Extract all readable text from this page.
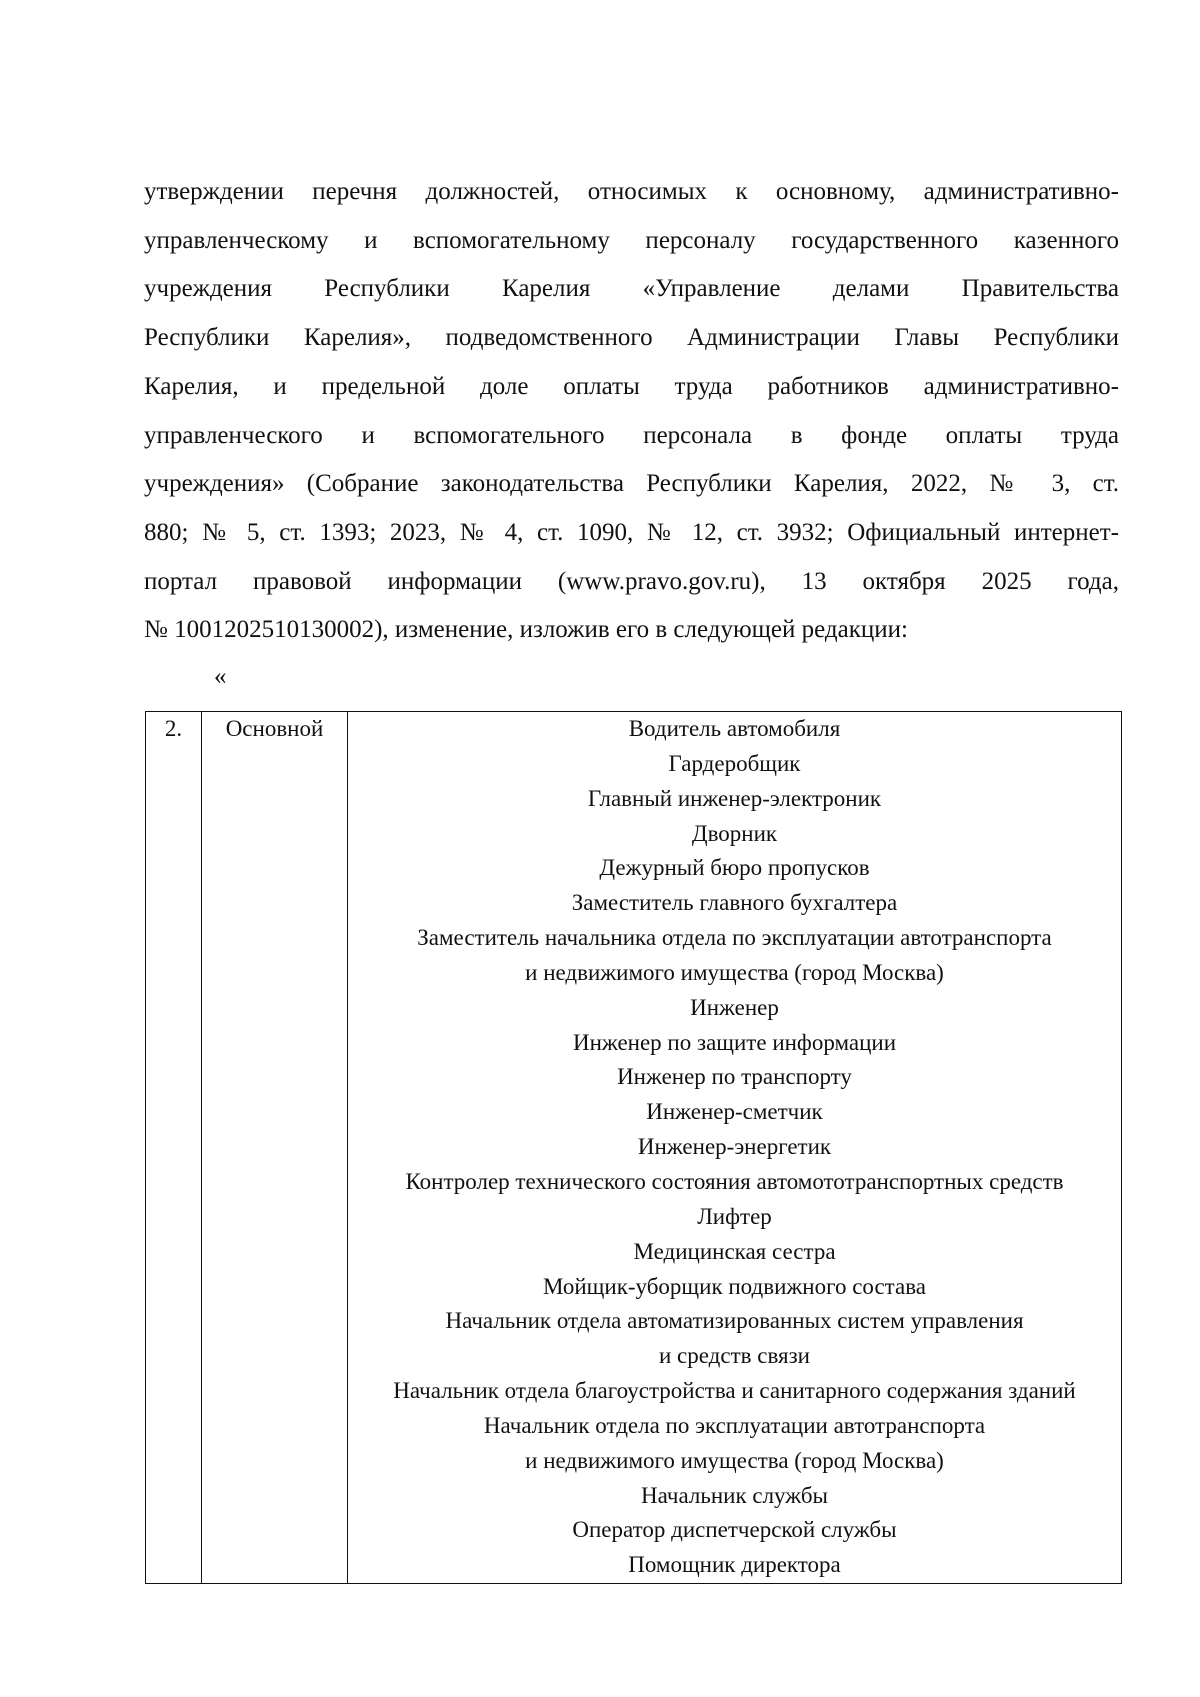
утверждении перечня должностей, относимых к основному, административно-
управленческому и вспомогательному персоналу государственного казенного
учреждения Республики Карелия «Управление делами Правительства
Республики Карелия», подведомственного Администрации Главы Республики
Карелия, и предельной доле оплаты труда работников административно-
управленческого и вспомогательного персонала в фонде оплаты труда
учреждения» (Собрание законодательства Республики Карелия, 2022, № 3, ст.
880; № 5, ст. 1393; 2023, № 4, ст. 1090, № 12, ст. 3932; Официальный интернет-
портал правовой информации (www.pravo.gov.ru), 13 октября 2025 года,
№ 1001202510130002), изменение, изложив его в следующей редакции:
«
2.	Основной	Водитель автомобиля
Гардеробщик
Главный инженер-электроник
Дворник
Дежурный бюро пропусков
Заместитель главного бухгалтера
Заместитель начальника отдела по эксплуатации автотранспорта
и недвижимого имущества (город Москва)
Инженер
Инженер по защите информации
Инженер по транспорту
Инженер-сметчик
Инженер-энергетик
Контролер технического состояния автомототранспортных средств
Лифтер
Медицинская сестра
Мойщик-уборщик подвижного состава
Начальник отдела автоматизированных систем управления
и средств связи
Начальник отдела благоустройства и санитарного содержания зданий
Начальник отдела по эксплуатации автотранспорта
и недвижимого имущества (город Москва)
Начальник службы
Оператор диспетчерской службы
Помощник директора
